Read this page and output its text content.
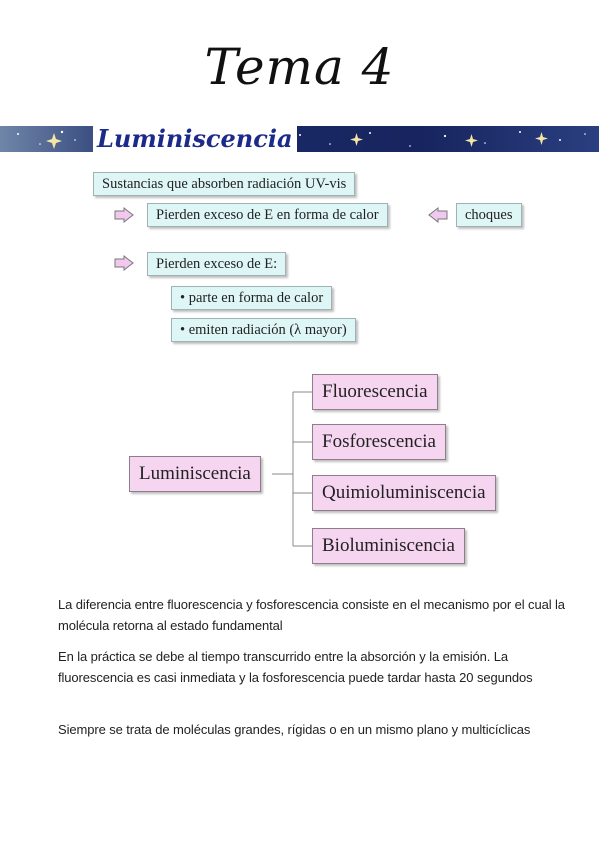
Tema 4
Luminiscencia
Sustancias que absorben radiación UV-vis
Pierden exceso de E en forma de calor	choques
Pierden exceso de E:
• parte en forma de calor
• emiten radiación (λ mayor)
Luminiscencia
Fluorescencia
Fosforescencia
Quimioluminiscencia
Bioluminiscencia
La diferencia entre fluorescencia y fosforescencia consiste en el mecanismo por el cual la molécula retorna al estado fundamental
En la práctica se debe al tiempo transcurrido entre la absorción y la emisión. La fluorescencia es casi inmediata y la fosforescencia puede tardar hasta 20 segundos
Siempre se trata de moléculas grandes, rígidas o en un mismo plano y multicíclicas
